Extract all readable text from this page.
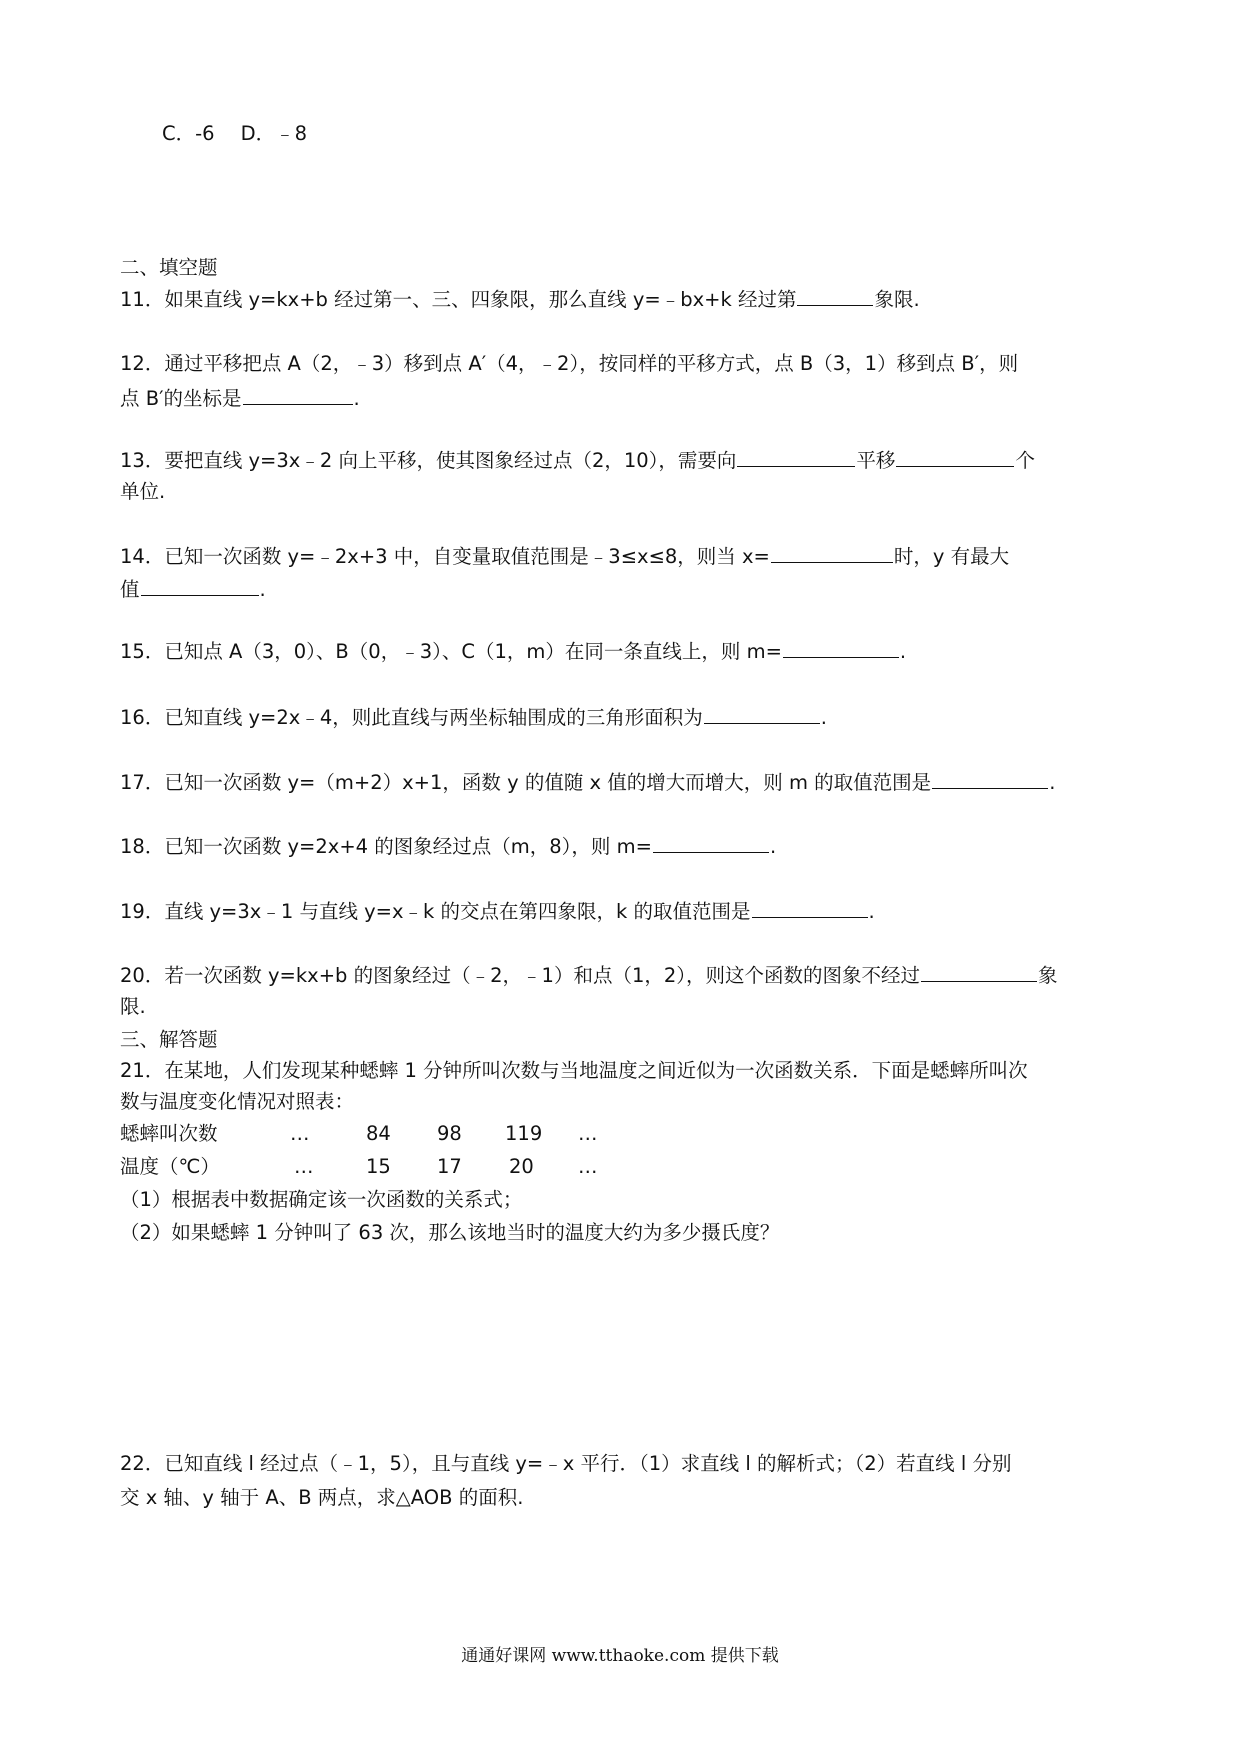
C．-6 D．﹣8
二、填空题
11．如果直线 y=kx+b 经过第一、三、四象限，那么直线 y=﹣bx+k 经过第	象限.
12．通过平移把点 A（2，﹣3）移到点 A′（4，﹣2），按同样的平移方式，点 B（3，1）移到点 B′，则
点 B′的坐标是	.
13．要把直线 y=3x﹣2 向上平移，使其图象经过点（2，10），需要向	平移	个
单位.
14．已知一次函数 y=﹣2x+3 中，自变量取值范围是﹣3≤x≤8，则当 x=	时，y 有最大
值	.
15．已知点 A（3，0）、B（0，﹣3）、C（1，m）在同一条直线上，则 m=	.
16．已知直线 y=2x﹣4，则此直线与两坐标轴围成的三角形面积为	.
17．已知一次函数 y=（m+2）x+1，函数 y 的值随 x 值的增大而增大，则 m 的取值范围是	.
18．已知一次函数 y=2x+4 的图象经过点（m，8），则 m=	.
19．直线 y=3x﹣1 与直线 y=x﹣k 的交点在第四象限，k 的取值范围是	.
20．若一次函数 y=kx+b 的图象经过（﹣2，﹣1）和点（1，2），则这个函数的图象不经过	象
限.
三、解答题
21．在某地，人们发现某种蟋蟀 1 分钟所叫次数与当地温度之间近似为一次函数关系．下面是蟋蟀所叫次
数与温度变化情况对照表：
蟋蟀叫次数	…	84 98 119 …
温度（℃）	…	15 17 20 …
（1）根据表中数据确定该一次函数的关系式；
（2）如果蟋蟀 1 分钟叫了 63 次，那么该地当时的温度大约为多少摄氏度？
22．已知直线 l 经过点（﹣1，5），且与直线 y=﹣x 平行．（1）求直线 l 的解析式；（2）若直线 l 分别
交 x 轴、y 轴于 A、B 两点，求△AOB 的面积.
通通好课网 www.tthaoke.com 提供下载
